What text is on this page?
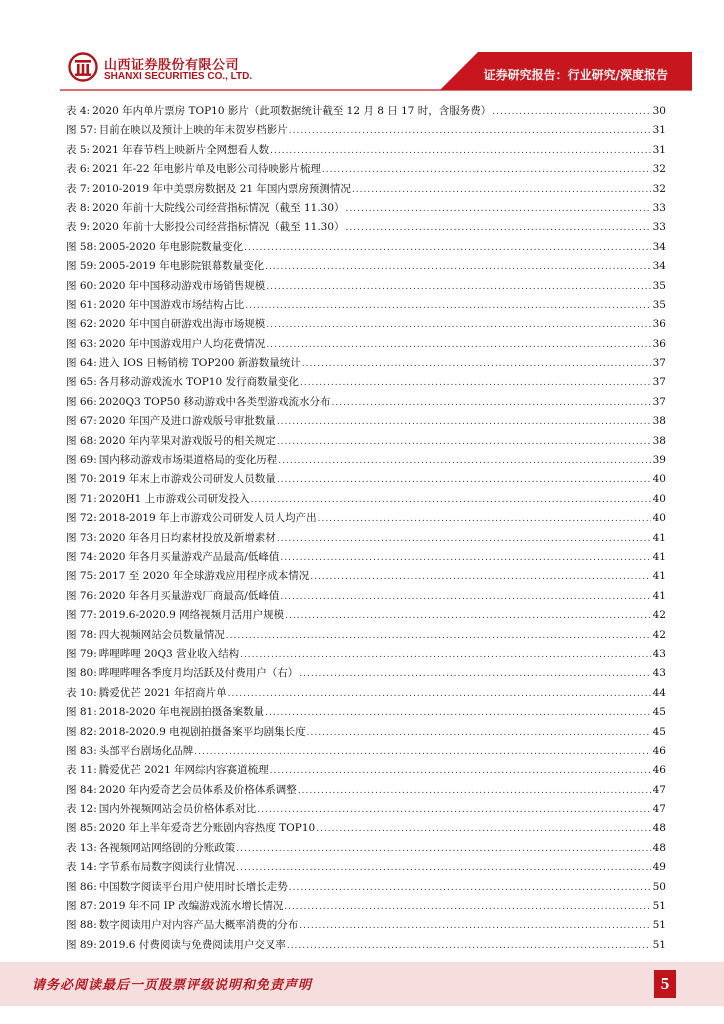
山西证券股份有限公司
SHANXI SECURITIES CO., LTD.	证券研究报告：行业研究/深度报告
表 4: 2020 年内单片票房 TOP10 影片（此项数据统计截至 12 月 8 日 17 时，含服务费） .....	30
图 57: 目前在映以及预计上映的年末贺岁档影片 .....	31
表 5: 2021 年春节档上映新片全网想看人数 .....	31
表 6: 2021 年-22 年电影片单及电影公司待映影片梳理 .....	32
表 7: 2010-2019 年中美票房数据及 21 年国内票房预测情况 .....	32
表 8: 2020 年前十大院线公司经营指标情况（截至 11.30） .....	33
表 9: 2020 年前十大影投公司经营指标情况（截至 11.30） .....	33
图 58: 2005-2020 年电影院数量变化 .....	34
图 59: 2005-2019 年电影院银幕数量变化 .....	34
图 60: 2020 年中国移动游戏市场销售规模 .....	35
图 61: 2020 年中国游戏市场结构占比 .....	35
图 62: 2020 年中国自研游戏出海市场规模 .....	36
图 63: 2020 年中国游戏用户人均花费情况 .....	36
图 64: 进入 IOS 日畅销榜 TOP200 新游数量统计 .....	37
图 65: 各月移动游戏流水 TOP10 发行商数量变化 .....	37
图 66: 2020Q3 TOP50 移动游戏中各类型游戏流水分布 .....	37
图 67: 2020 年国产及进口游戏版号审批数量 .....	38
图 68: 2020 年内苹果对游戏版号的相关规定 .....	38
图 69: 国内移动游戏市场渠道格局的变化历程 .....	39
图 70: 2019 年末上市游戏公司研发人员数量 .....	40
图 71: 2020H1 上市游戏公司研发投入 .....	40
图 72: 2018-2019 年上市游戏公司研发人员人均产出 .....	40
图 73: 2020 年各月日均素材投放及新增素材 .....	41
图 74: 2020 年各月买量游戏产品最高/低峰值 .....	41
图 75: 2017 至 2020 年全球游戏应用程序成本情况 .....	41
图 76: 2020 年各月买量游戏厂商最高/低峰值 .....	41
图 77: 2019.6-2020.9 网络视频月活用户规模 .....	42
图 78: 四大视频网站会员数量情况 .....	42
图 79: 哔哩哔哩 20Q3 营业收入结构 .....	43
图 80: 哔哩哔哩各季度月均活跃及付费用户（右） .....	43
表 10: 腾爱优芒 2021 年招商片单 .....	44
图 81: 2018-2020 年电视剧拍摄备案数量 .....	45
图 82: 2018-2020.9 电视剧拍摄备案平均剧集长度 .....	45
图 83: 头部平台剧场化品牌 .....	46
表 11: 腾爱优芒 2021 年网综内容赛道梳理 .....	46
图 84: 2020 年内爱奇艺会员体系及价格体系调整 .....	47
表 12: 国内外视频网站会员价格体系对比 .....	47
图 85: 2020 年上半年爱奇艺分账剧内容热度 TOP10 .....	48
表 13: 各视频网站网络剧的分账政策 .....	48
表 14: 字节系布局数字阅读行业情况 .....	49
图 86: 中国数字阅读平台用户使用时长增长走势 .....	50
图 87: 2019 年不同 IP 改编游戏流水增长情况 .....	51
图 88: 数字阅读用户对内容产品大概率消费的分布 .....	51
图 89: 2019.6 付费阅读与免费阅读用户交叉率 .....	51
请务必阅读最后一页股票评级说明和免责声明	5
